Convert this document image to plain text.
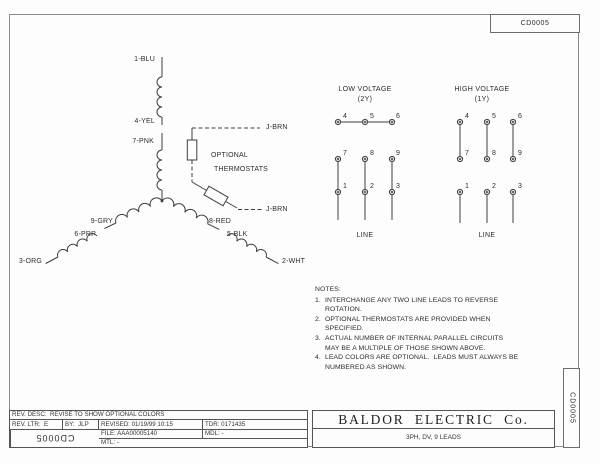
CD0005
1-BLU
4-YEL
7-PNK
9-GRY
6-PRP
3-ORG
8-RED
5-BLK
2-WHT
J-BRN
J-BRN
OPTIONAL
THERMOSTATS
LOW VOLTAGE
(2Y)
4	5	6
7	8	9
1	2	3
LINE
HIGH VOLTAGE
(1Y)
4	5	6
7	8	9
1	2	3
LINE
NOTES:
1. INTERCHANGE ANY TWO LINE LEADS TO REVERSE
ROTATION.
2. OPTIONAL THERMOSTATS ARE PROVIDED WHEN
SPECIFIED.
3. ACTUAL NUMBER OF INTERNAL PARALLEL CIRCUITS
MAY BE A MULTIPLE OF THOSE SHOWN ABOVE.
4. LEAD COLORS ARE OPTIONAL.  LEADS MUST ALWAYS BE
NUMBERED AS SHOWN.
REV. DESC:  REVISE TO SHOW OPTIONAL COLORS
REV. LTR:  E	BY:  JLP	REVISED: 01/19/99 10:15	TDR: 0171435
CD0005	FILE: AAA00005140	MDL: -
MTL: -
BALDOR  ELECTRIC  Co.
3PH, DV, 9 LEADS
CD0005
